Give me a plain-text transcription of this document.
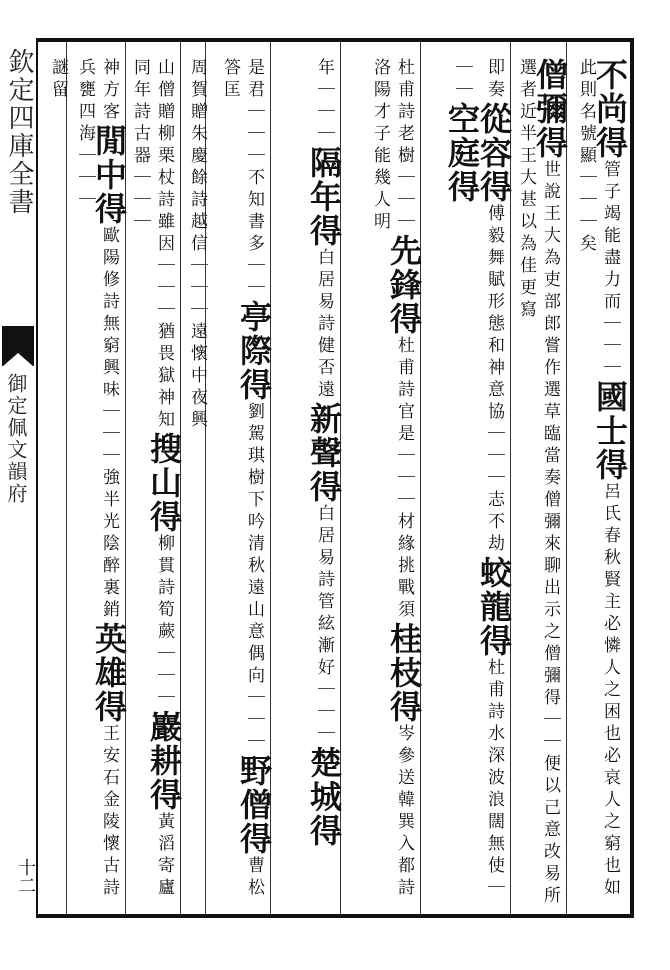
欽定四庫全書
御定佩文韻府
十二
不尚得管子竭能盡力而｜｜｜國士得呂氏春秋賢主必憐人之困也必哀人之窮也如此則名號顯｜｜｜矣
僧彌得世說王大為吏部郎嘗作選草臨當奏僧彌來聊出示之僧彌得｜｜便以己意改易所選者近半王大甚以為佳更寫
即奏從容得傅毅舞賦形態和神意協｜｜｜志不劫蛟龍得杜甫詩水深波浪闊無使｜｜｜空庭得
杜甫詩老樹｜｜｜先鋒得杜甫詩官是｜｜｜材緣挑戰須桂枝得岑參送韓巽入都詩洛陽才子能幾人明
年｜｜｜隔年得白居易詩健否遠新聲得白居易詩管絃漸好｜｜｜楚城得
是君｜｜｜不知書多｜｜亭際得劉駕琪樹下吟清秋遠山意偶向｜｜｜野僧得曹松答匡
周賀贈朱慶餘詩越信｜｜｜遠懷中夜興
山僧贈柳栗杖詩雖因｜｜｜猶畏獄神知搜山得柳貫詩筍蕨｜｜｜巖耕得黃滔寄廬同年詩古器｜｜｜
神方客閒中得歐陽修詩無窮興味｜｜｜強半光陰醉裏銷英雄得王安石金陵懷古詩兵甕四海｜｜｜
謎留
